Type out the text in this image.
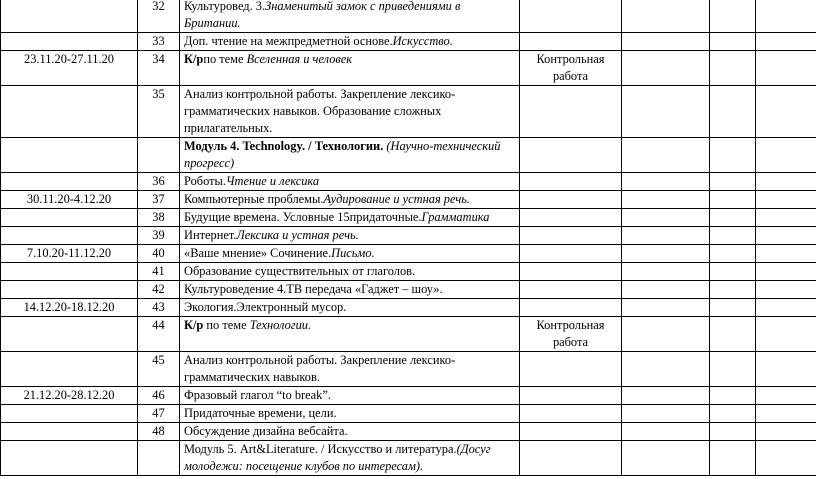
	32	Культуровед. 3.Знаменитый замок с приведениями в Британии.				
	33	Доп. чтение на межпредметной основе.Искусство.				
23.11.20-27.11.20	34	К/рпо теме Вселенная и человек	Контрольная работа			
	35	Анализ контрольной работы. Закрепление лексико-грамматических навыков. Образование сложных прилагательных.				
		Модуль 4. Technology. / Технологии. (Научно-технический прогресс)				
	36	Роботы.Чтение и лексика				
30.11.20-4.12.20	37	Компьютерные проблемы.Аудирование и устная речь.				
	38	Будущие времена. Условные 15придаточные.Грамматика				
	39	Интернет.Лексика и устная речь.				
7.10.20-11.12.20	40	«Ваше мнение» Сочинение.Письмо.				
	41	Образование существительных от глаголов.				
	42	Культуроведение 4.ТВ передача «Гаджет – шоу».				
14.12.20-18.12.20	43	Экология.Электронный мусор.				
	44	К/р по теме Технологии.	Контрольная работа			
	45	Анализ контрольной работы. Закрепление лексико-грамматических навыков.				
21.12.20-28.12.20	46	Фразовый глагол “to break”.				
	47	Придаточные времени, цели.				
	48	Обсуждение дизайна вебсайта.				
		Модуль 5. Art&Literature. / Искусство и литература.(Досуг молодежи: посещение клубов по интересам).				
